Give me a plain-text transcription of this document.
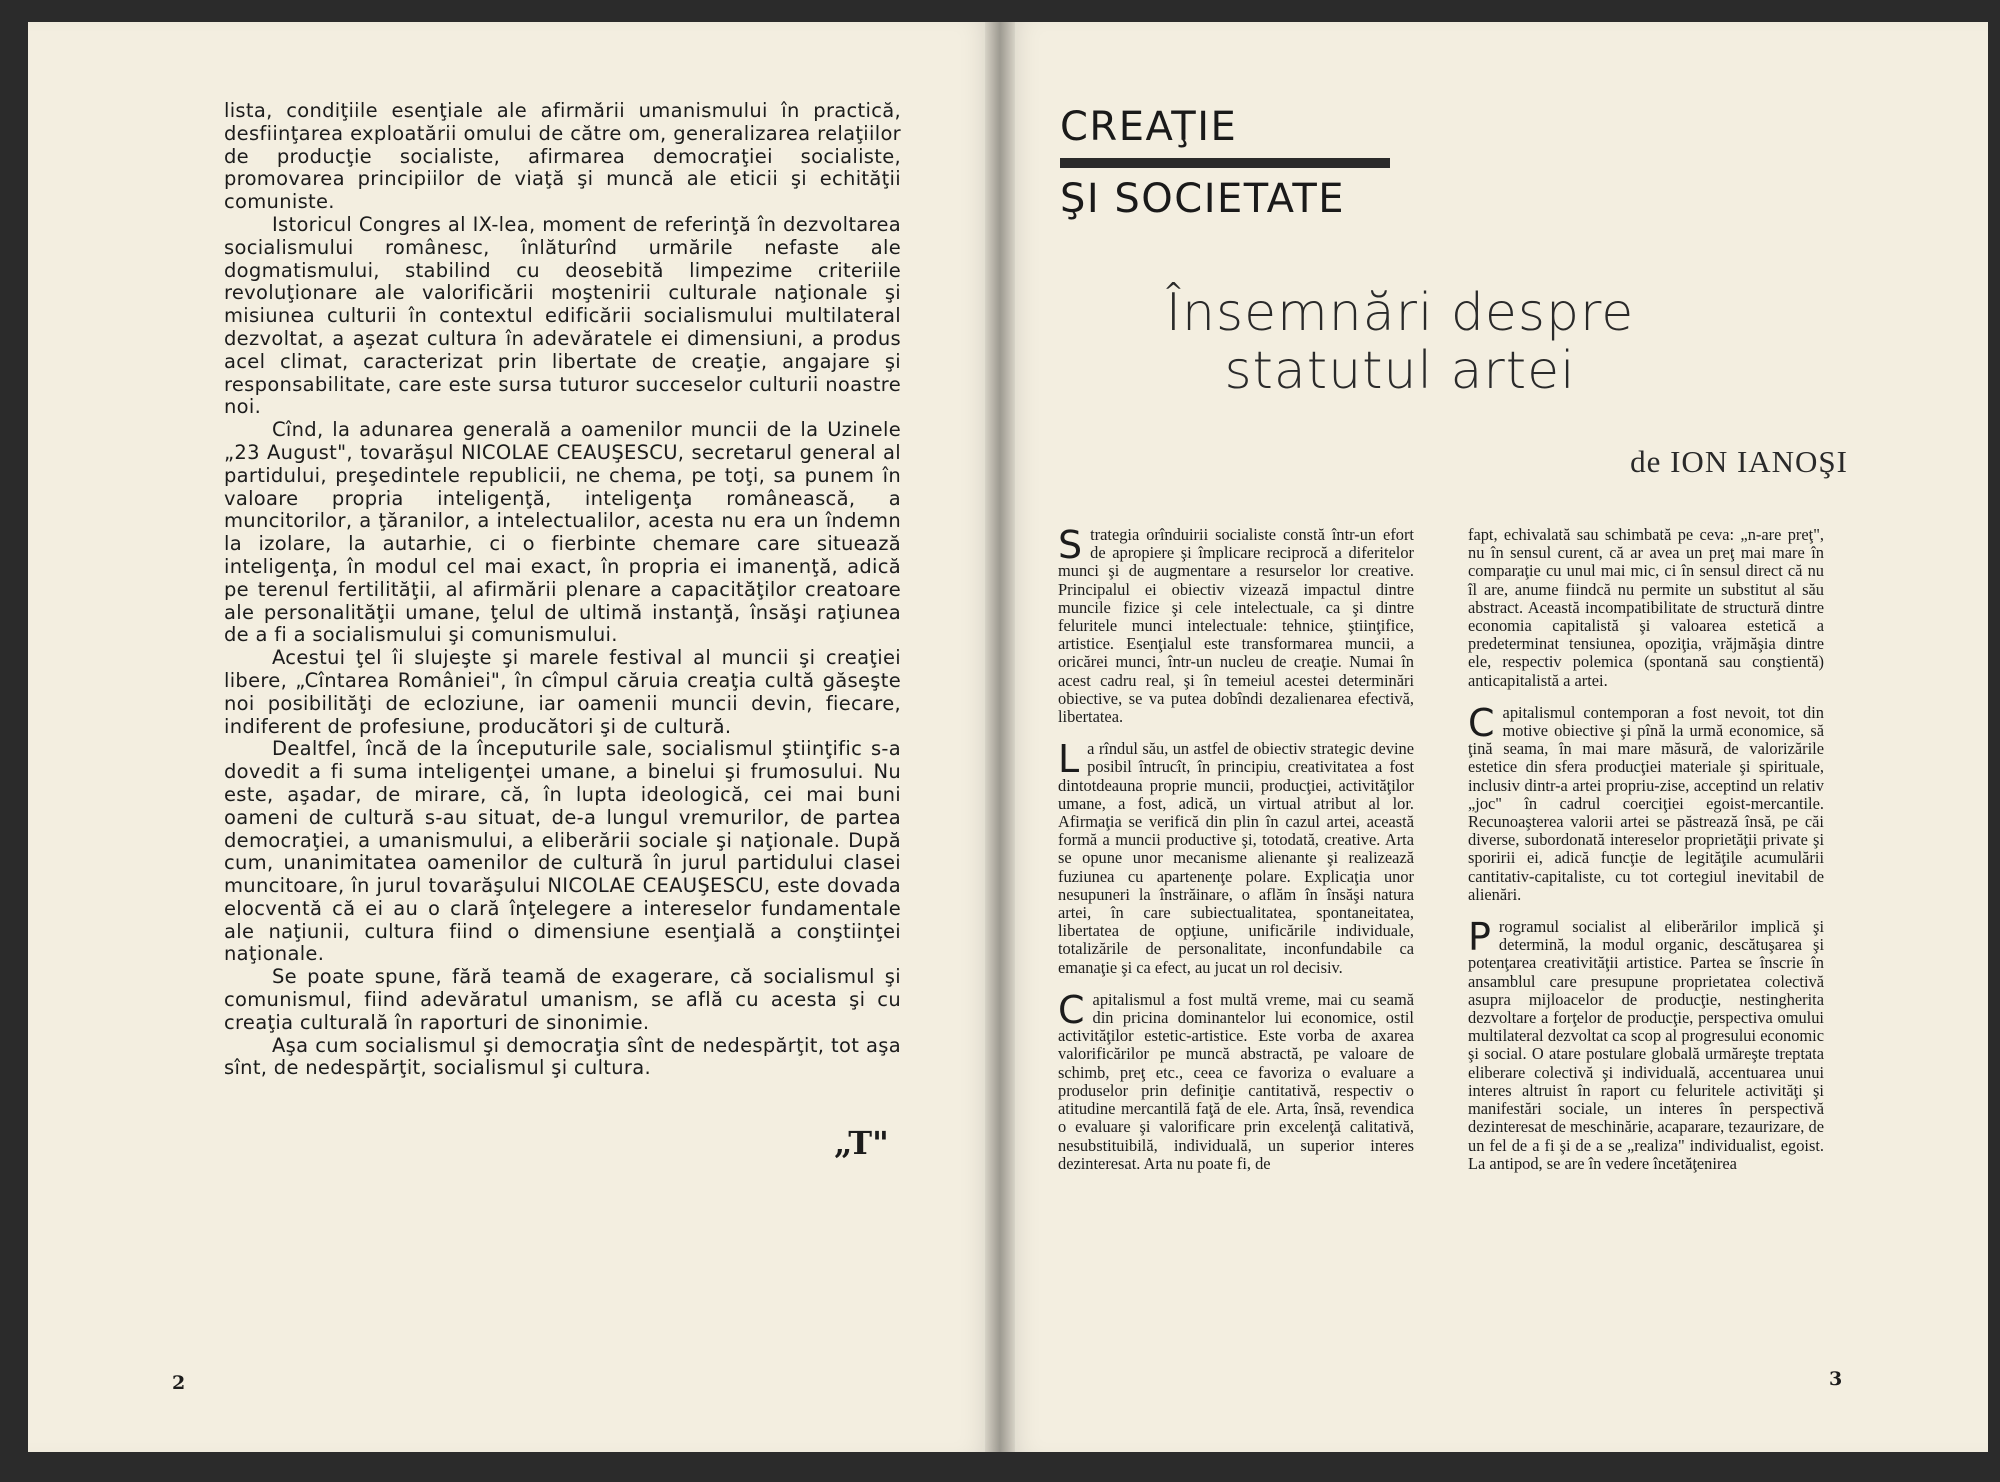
lista, condiţiile esenţiale ale afirmării umanismului în practică, desfiinţarea exploatării omului de către om, generalizarea relaţiilor de producţie socialiste, afirmarea democraţiei socialiste, promovarea principiilor de viaţă şi muncă ale eticii şi echităţii comuniste.

Istoricul Congres al IX-lea, moment de referinţă în dezvoltarea socialismului românesc, înlăturînd urmările nefaste ale dogmatismului, stabilind cu deosebită limpezime criteriile revoluţionare ale valorificării moştenirii culturale naţionale şi misiunea culturii în contextul edificării socialismului multilateral dezvoltat, a aşezat cultura în adevăratele ei dimensiuni, a produs acel climat, caracterizat prin libertate de creaţie, angajare şi responsabilitate, care este sursa tuturor succeselor culturii noastre noi.

Cînd, la adunarea generală a oamenilor muncii de la Uzinele „23 August", tovarăşul NICOLAE CEAUŞESCU, secretarul general al partidului, preşedintele republicii, ne chema, pe toţi, sa punem în valoare propria inteligenţă, inteligenţa românească, a muncitorilor, a ţăranilor, a intelectualilor, acesta nu era un îndemn la izolare, la autarhie, ci o fierbinte chemare care situează inteligenţa, în modul cel mai exact, în propria ei imanenţă, adică pe terenul fertilităţii, al afirmării plenare a capacităţilor creatoare ale personalităţii umane, ţelul de ultimă instanţă, însăşi raţiunea de a fi a socialismului şi comunismului.

Acestui ţel îi slujeşte şi marele festival al muncii şi creaţiei libere, „Cîntarea României", în cîmpul căruia creaţia cultă găseşte noi posibilităţi de ecloziune, iar oamenii muncii devin, fiecare, indiferent de profesiune, producători şi de cultură.

Dealtfel, încă de la începuturile sale, socialismul ştiinţific s-a dovedit a fi suma inteligenţei umane, a binelui şi frumosului. Nu este, aşadar, de mirare, că, în lupta ideologică, cei mai buni oameni de cultură s-au situat, de-a lungul vremurilor, de partea democraţiei, a umanismului, a eliberării sociale şi naţionale. După cum, unanimitatea oamenilor de cultură în jurul partidului clasei muncitoare, în jurul tovarăşului NICOLAE CEAUŞESCU, este dovada elocventă că ei au o clară înţelegere a intereselor fundamentale ale naţiunii, cultura fiind o dimensiune esenţială a conştiinţei naţionale.

Se poate spune, fără teamă de exagerare, că socialismul şi comunismul, fiind adevăratul umanism, se află cu acesta şi cu creaţia culturală în raporturi de sinonimie.

Aşa cum socialismul şi democraţia sînt de nedespărţit, tot aşa sînt, de nedespărţit, socialismul şi cultura.

„T"
2
CREAŢIE
ŞI SOCIETATE
Însemnări despre
statutul artei
de ION IANOŞI

Strategia orînduirii socialiste constă într-un efort de apropiere şi împlicare reciprocă a diferitelor munci şi de augmentare a resurselor lor creative. Principalul ei obiectiv vizează impactul dintre muncile fizice şi cele intelectuale, ca şi dintre feluritele munci intelectuale: tehnice, ştiinţifice, artistice. Esenţialul este transformarea muncii, a oricărei munci, într-un nucleu de creaţie. Numai în acest cadru real, şi în temeiul acestei determinări obiective, se va putea dobîndi dezalienarea efectivă, libertatea.

La rîndul său, un astfel de obiectiv strategic devine posibil întrucît, în principiu, creativitatea a fost dintotdeauna proprie muncii, producţiei, activităţilor umane, a fost, adică, un virtual atribut al lor. Afirmaţia se verifică din plin în cazul artei, această formă a muncii productive şi, totodată, creative. Arta se opune unor mecanisme alienante şi realizează fuziunea cu apartenenţe polare. Explicaţia unor nesupuneri la înstrăinare, o aflăm în însăşi natura artei, în care subiectualitatea, spontaneitatea, libertatea de opţiune, unificările individuale, totalizările de personalitate, inconfundabile ca emanaţie şi ca efect, au jucat un rol decisiv.

Capitalismul a fost multă vreme, mai cu seamă din pricina dominantelor lui economice, ostil activităţilor estetic-artistice. Este vorba de axarea valorificărilor pe muncă abstractă, pe valoare de schimb, preţ etc., ceea ce favoriza o evaluare a produselor prin definiţie cantitativă, respectiv o atitudine mercantilă faţă de ele. Arta, însă, revendica o evaluare şi valorificare prin excelenţă calitativă, nesubstituibilă, individuală, un superior interes dezinteresat. Arta nu poate fi, de

fapt, echivalată sau schimbată pe ceva: „n-are preţ", nu în sensul curent, că ar avea un preţ mai mare în comparaţie cu unul mai mic, ci în sensul direct că nu îl are, anume fiindcă nu permite un substitut al său abstract. Această incompatibilitate de structură dintre economia capitalistă şi valoarea estetică a predeterminat tensiunea, opoziţia, vrăjmăşia dintre ele, respectiv polemica (spontană sau conştientă) anticapitalistă a artei.

Capitalismul contemporan a fost nevoit, tot din motive obiective şi pînă la urmă economice, să ţină seama, în mai mare măsură, de valorizările estetice din sfera producţiei materiale şi spirituale, inclusiv dintr-a artei propriu-zise, acceptind un relativ „joc" în cadrul coerciţiei egoist-mercantile. Recunoaşterea valorii artei se păstrează însă, pe căi diverse, subordonată intereselor proprietăţii private şi sporirii ei, adică funcţie de legităţile acumulării cantitativ-capitaliste, cu tot cortegiul inevitabil de alienări.

Programul socialist al eliberărilor implică şi determină, la modul organic, descătuşarea şi potenţarea creativităţii artistice. Partea se înscrie în ansamblul care presupune proprietatea colectivă asupra mijloacelor de producţie, nestingherita dezvoltare a forţelor de producţie, perspectiva omului multilateral dezvoltat ca scop al progresului economic şi social. O atare postulare globală urmăreşte treptata eliberare colectivă şi individuală, accentuarea unui interes altruist în raport cu feluritele activităţi şi manifestări sociale, un interes în perspectivă dezinteresat de meschinărie, acaparare, tezaurizare, de un fel de a fi şi de a se „realiza" individualist, egoist. La antipod, se are în vedere încetăţenirea

3
